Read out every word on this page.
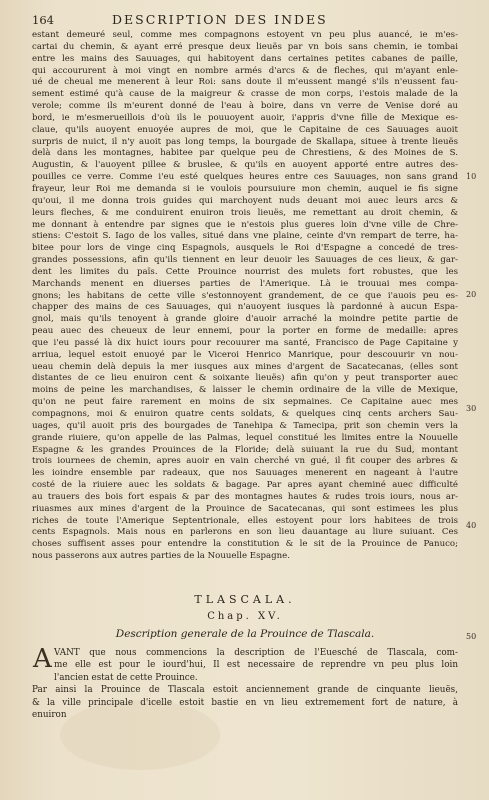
164	DESCRIPTION DES INDES
estant demeuré seul, comme mes compagnons estoyent vn peu plus auancé, ie m'es-
cartai du chemin, & ayant erré presque deux lieuës par vn bois sans chemin, ie tombai
entre les mains des Sauuages, qui habitoyent dans certaines petites cabanes de paille,
qui accoururent à moi vingt en nombre armés d'arcs & de fleches, qui m'ayant enle-
ué de cheual me menerent à leur Roi: sans doute il m'eussent mangé s'ils n'eussent fau-
sement estimé qu'à cause de la maigreur & crasse de mon corps, i'estois malade de la
verole; comme ils m'eurent donné de l'eau à boire, dans vn verre de Venise doré au
bord, ie m'esmerueillois d'où ils le pouuoyent auoir, i'appris d'vne fille de Mexique es-
claue, qu'ils auoyent enuoyée aupres de moi, que le Capitaine de ces Sauuages auoit
surpris de nuict, il n'y auoit pas long temps, la bourgade de Skallapa, situee à trente lieuës
delà dans les montagnes, habitee par quelque peu de Chrestiens, & des Moines de S.
Augustin, & l'auoyent pillee & bruslee, & qu'ils en auoyent apporté entre autres des-
pouilles ce verre. Comme i'eu esté quelques heures entre ces Sauuages, non sans grand
frayeur, leur Roi me demanda si ie voulois poursuiure mon chemin, auquel ie fis signe
qu'oui, il me donna trois guides qui marchoyent nuds deuant moi auec leurs arcs &
leurs fleches, & me conduirent enuiron trois lieuës, me remettant au droit chemin, &
me donnant à entendre par signes que ie n'estois plus gueres loin d'vne ville de Chre-
stiens: C'estoit S. Iago de los valles, situé dans vne plaine, ceinte d'vn rempart de terre, ha-
bitee pour lors de vinge cinq Espagnols, ausquels le Roi d'Espagne a concedé de tres-
grandes possessions, afin qu'ils tiennent en leur deuoir les Sauuages de ces lieux, & gar-
dent les limites du païs. Cette Prouince nourrist des mulets fort robustes, que les
Marchands menent en diuerses parties de l'Amerique. Là ie trouuai mes compa-
gnons; les habitans de cette ville s'estonnoyent grandement, de ce que i'auois peu es-
chapper des mains de ces Sauuages, qui n'auoyent iusques là pardonné à aucun Espa-
gnol, mais qu'ils tenoyent à grande gloire d'auoir arraché la moindre petite partie de
peau auec des cheueux de leur ennemi, pour la porter en forme de medaille: apres
que i'eu passé là dix huict iours pour recouurer ma santé, Francisco de Page Capitaine y
arriua, lequel estoit enuoyé par le Viceroi Henrico Manrique, pour descouurir vn nou-
ueau chemin delà depuis la mer iusques aux mines d'argent de Sacatecanas, (elles sont
distantes de ce lieu enuiron cent & soixante lieuës) afin qu'on y peut transporter auec
moins de peine les marchandises, & laisser le chemin ordinaire de la ville de Mexique,
qu'on ne peut faire rarement en moins de six sepmaines. Ce Capitaine auec mes
compagnons, moi & enuiron quatre cents soldats, & quelques cinq cents archers Sau-
uages, qu'il auoit pris des bourgades de Tanehipa & Tamecipa, prit son chemin vers la
grande riuiere, qu'on appelle de las Palmas, lequel constitué les limites entre la Nouuelle
Espagne & les grandes Prouinces de la Floride; delà suiuant la rue du Sud, montant
trois iournees de chemin, apres auoir en vain cherché vn gué, il fit couper des arbres &
les ioindre ensemble par radeaux, que nos Sauuages menerent en nageant à l'autre
costé de la riuiere auec les soldats & bagage. Par apres ayant cheminé auec difficulté
au trauers des bois fort espais & par des montagnes hautes & rudes trois iours, nous ar-
riuasmes aux mines d'argent de la Prouince de Sacatecanas, qui sont estimees les plus
riches de toute l'Amerique Septentrionale, elles estoyent pour lors habitees de trois
cents Espagnols. Mais nous en parlerons en son lieu dauantage au liure suiuant. Ces
choses suffisent asses pour entendre la constitution & le sit de la Prouince de Panuco;
nous passerons aux autres parties de la Nouuelle Espagne.
10
20
30
40
50
TLASCALA.
Chap. XV.
Description generale de la Prouince de Tlascala.
A VANT que nous commencions la description de l'Euesché de Tlascala, com-
me elle est pour le iourd'hui, Il est necessaire de reprendre vn peu plus loin
l'ancien estat de cette Prouince.
Par ainsi la Prouince de Tlascala estoit anciennement grande de cinquante lieuës,
& la ville principale d'icelle estoit bastie en vn lieu extremement fort de nature, à
enuiron
